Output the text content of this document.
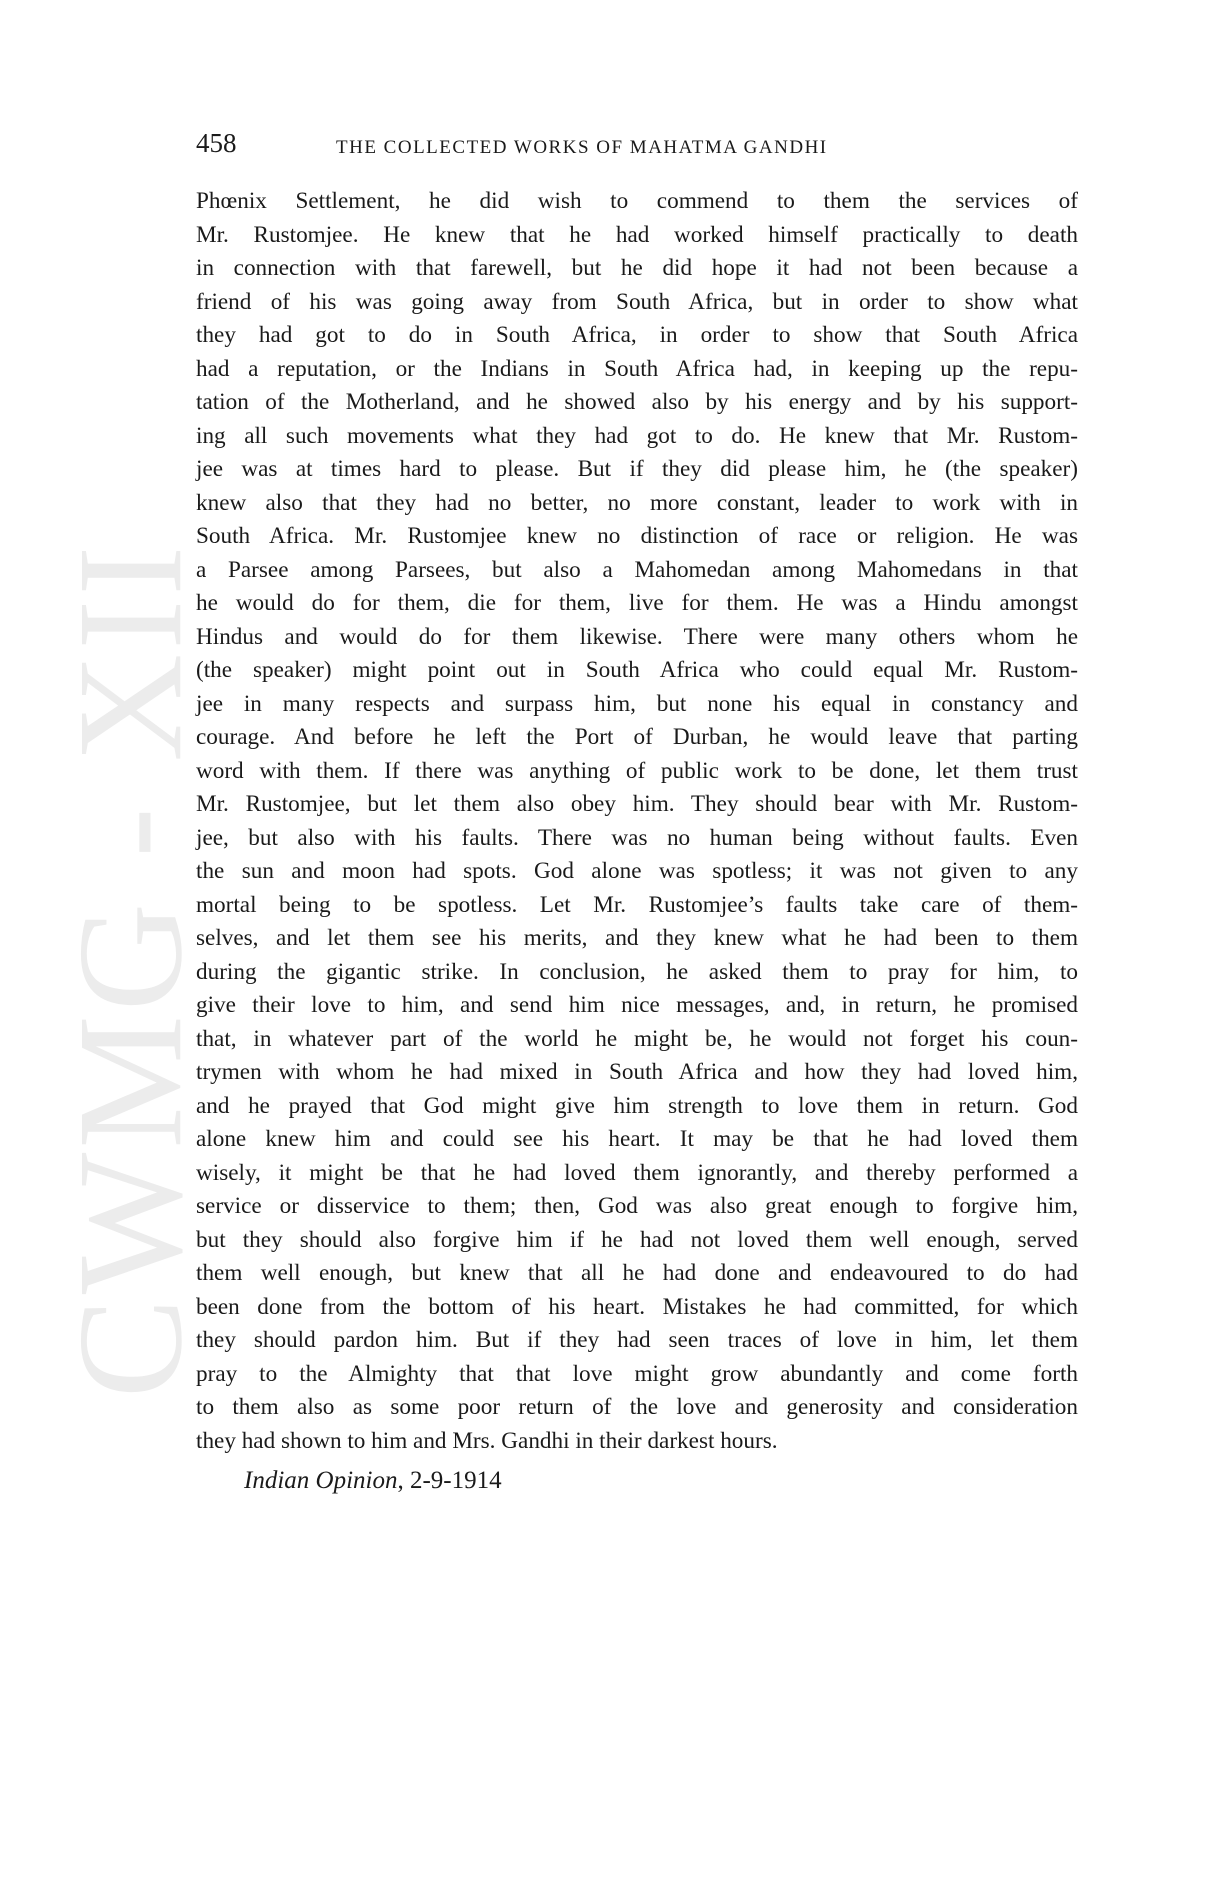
CWMG - XII
458	THE COLLECTED WORKS OF MAHATMA GANDHI
Phœnix Settlement, he did wish to commend to them the services of
Mr. Rustomjee. He knew that he had worked himself practically to death
in connection with that farewell, but he did hope it had not been because a
friend of his was going away from South Africa, but in order to show what
they had got to do in South Africa, in order to show that South Africa
had a reputation, or the Indians in South Africa had, in keeping up the repu-
tation of the Motherland, and he showed also by his energy and by his support-
ing all such movements what they had got to do. He knew that Mr. Rustom-
jee was at times hard to please. But if they did please him, he (the speaker)
knew also that they had no better, no more constant, leader to work with in
South Africa. Mr. Rustomjee knew no distinction of race or religion. He was
a Parsee among Parsees, but also a Mahomedan among Mahomedans in that
he would do for them, die for them, live for them. He was a Hindu amongst
Hindus and would do for them likewise. There were many others whom he
(the speaker) might point out in South Africa who could equal Mr. Rustom-
jee in many respects and surpass him, but none his equal in constancy and
courage. And before he left the Port of Durban, he would leave that parting
word with them. If there was anything of public work to be done, let them trust
Mr. Rustomjee, but let them also obey him. They should bear with Mr. Rustom-
jee, but also with his faults. There was no human being without faults. Even
the sun and moon had spots. God alone was spotless; it was not given to any
mortal being to be spotless. Let Mr. Rustomjee’s faults take care of them-
selves, and let them see his merits, and they knew what he had been to them
during the gigantic strike. In conclusion, he asked them to pray for him, to
give their love to him, and send him nice messages, and, in return, he promised
that, in whatever part of the world he might be, he would not forget his coun-
trymen with whom he had mixed in South Africa and how they had loved him,
and he prayed that God might give him strength to love them in return. God
alone knew him and could see his heart. It may be that he had loved them
wisely, it might be that he had loved them ignorantly, and thereby performed a
service or disservice to them; then, God was also great enough to forgive him,
but they should also forgive him if he had not loved them well enough, served
them well enough, but knew that all he had done and endeavoured to do had
been done from the bottom of his heart. Mistakes he had committed, for which
they should pardon him. But if they had seen traces of love in him, let them
pray to the Almighty that that love might grow abundantly and come forth
to them also as some poor return of the love and generosity and consideration
they had shown to him and Mrs. Gandhi in their darkest hours.
Indian Opinion, 2-9-1914
